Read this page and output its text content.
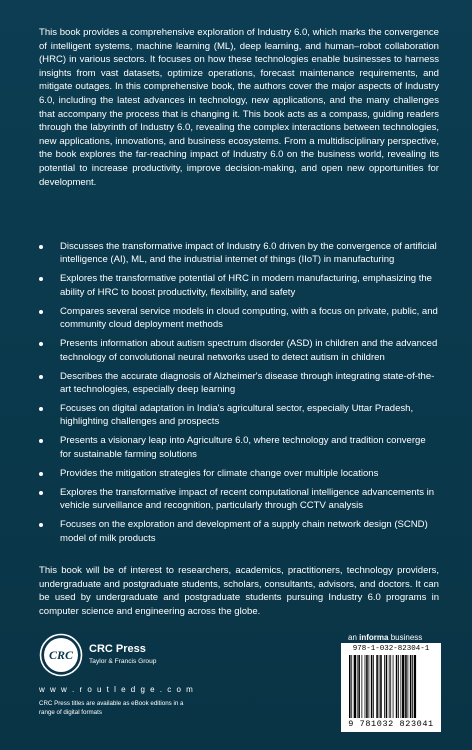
This book provides a comprehensive exploration of Industry 6.0, which marks the convergence of intelligent systems, machine learning (ML), deep learning, and human–robot collaboration (HRC) in various sectors. It focuses on how these technologies enable businesses to harness insights from vast datasets, optimize operations, forecast maintenance requirements, and mitigate outages. In this comprehensive book, the authors cover the major aspects of Industry 6.0, including the latest advances in technology, new applications, and the many challenges that accompany the process that is changing it. This book acts as a compass, guiding readers through the labyrinth of Industry 6.0, revealing the complex interactions between technologies, new applications, innovations, and business ecosystems. From a multidisciplinary perspective, the book explores the far-reaching impact of Industry 6.0 on the business world, revealing its potential to increase productivity, improve decision-making, and open new opportunities for development.

Discusses the transformative impact of Industry 6.0 driven by the convergence of artificial intelligence (AI), ML, and the industrial internet of things (IIoT) in manufacturing
Explores the transformative potential of HRC in modern manufacturing, emphasizing the ability of HRC to boost productivity, flexibility, and safety
Compares several service models in cloud computing, with a focus on private, public, and community cloud deployment methods
Presents information about autism spectrum disorder (ASD) in children and the advanced technology of convolutional neural networks used to detect autism in children
Describes the accurate diagnosis of Alzheimer's disease through integrating state-of-the-art technologies, especially deep learning
Focuses on digital adaptation in India's agricultural sector, especially Uttar Pradesh, highlighting challenges and prospects
Presents a visionary leap into Agriculture 6.0, where technology and tradition converge for sustainable farming solutions
Provides the mitigation strategies for climate change over multiple locations
Explores the transformative impact of recent computational intelligence advancements in vehicle surveillance and recognition, particularly through CCTV analysis
Focuses on the exploration and development of a supply chain network design (SCND) model of milk products

This book will be of interest to researchers, academics, practitioners, technology providers, undergraduate and postgraduate students, scholars, consultants, advisors, and doctors. It can be used by undergraduate and postgraduate students pursuing Industry 6.0 programs in computer science and engineering across the globe.

CRC CRC Press
Taylor & Francis Group
w w w . r o u t l e d g e . c o m
CRC Press titles are available as eBook editions in a range of digital formats
an informa business
978-1-032-82304-1
9 781032 823041
